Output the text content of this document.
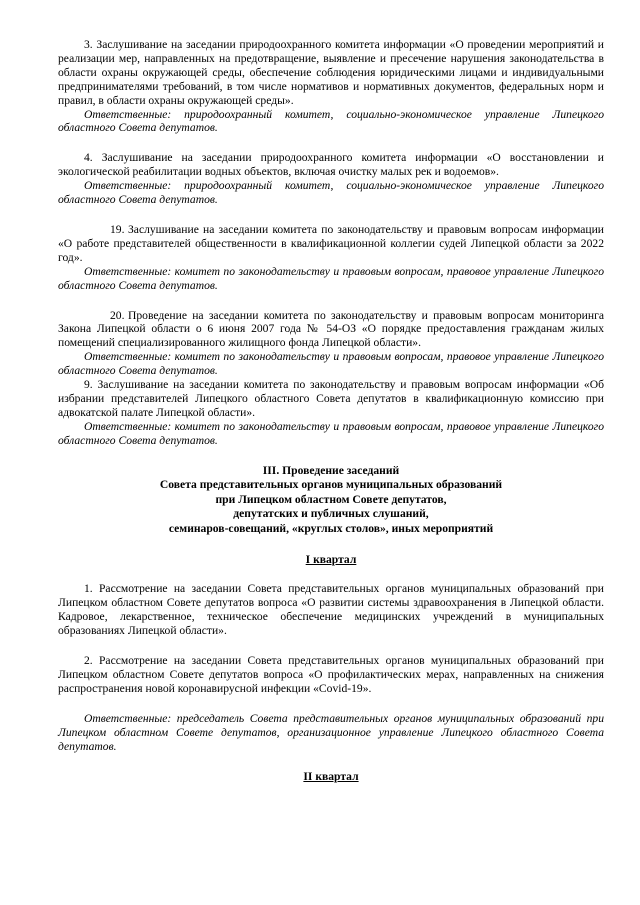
3. Заслушивание на заседании природоохранного комитета информации «О проведении мероприятий и реализации мер, направленных на предотвращение, выявление и пресечение нарушения законодательства в области охраны окружающей среды, обеспечение соблюдения юридическими лицами и индивидуальными предпринимателями требований, в том числе нормативов и нормативных документов, федеральных норм и правил, в области охраны окружающей среды».

Ответственные: природоохранный комитет, социально-экономическое управление Липецкого областного Совета депутатов.

4. Заслушивание на заседании природоохранного комитета информации «О восстановлении и экологической реабилитации водных объектов, включая очистку малых рек и водоемов».

Ответственные: природоохранный комитет, социально-экономическое управление Липецкого областного Совета депутатов.

19. Заслушивание на заседании комитета по законодательству и правовым вопросам информации «О работе представителей общественности в квалификационной коллегии судей Липецкой области за 2022 год».

Ответственные: комитет по законодательству и правовым вопросам, правовое управление Липецкого областного Совета депутатов.

20. Проведение на заседании комитета по законодательству и правовым вопросам мониторинга Закона Липецкой области о 6 июня 2007 года № 54-ОЗ «О порядке предоставления гражданам жилых помещений специализированного жилищного фонда Липецкой области».

Ответственные: комитет по законодательству и правовым вопросам, правовое управление Липецкого областного Совета депутатов.

9. Заслушивание на заседании комитета по законодательству и правовым вопросам информации «Об избрании представителей Липецкого областного Совета депутатов в квалификационную комиссию при адвокатской палате Липецкой области».

Ответственные: комитет по законодательству и правовым вопросам, правовое управление Липецкого областного Совета депутатов.

III. Проведение заседаний

Совета представительных органов муниципальных образований

при Липецком областном Совете депутатов,

депутатских и публичных слушаний,

семинаров-совещаний, «круглых столов», иных мероприятий

I квартал

1. Рассмотрение на заседании Совета представительных органов муниципальных образований при Липецком областном Совете депутатов вопроса «О развитии системы здравоохранения в Липецкой области. Кадровое, лекарственное, техническое обеспечение медицинских учреждений в муниципальных образованиях Липецкой области».

2. Рассмотрение на заседании Совета представительных органов муниципальных образований при Липецком областном Совете депутатов вопроса «О профилактических мерах, направленных на снижения распространения новой коронавирусной инфекции «Covid-19».

Ответственные: председатель Совета представительных органов муниципальных образований при Липецком областном Совете депутатов, организационное управление Липецкого областного Совета депутатов.

II квартал
